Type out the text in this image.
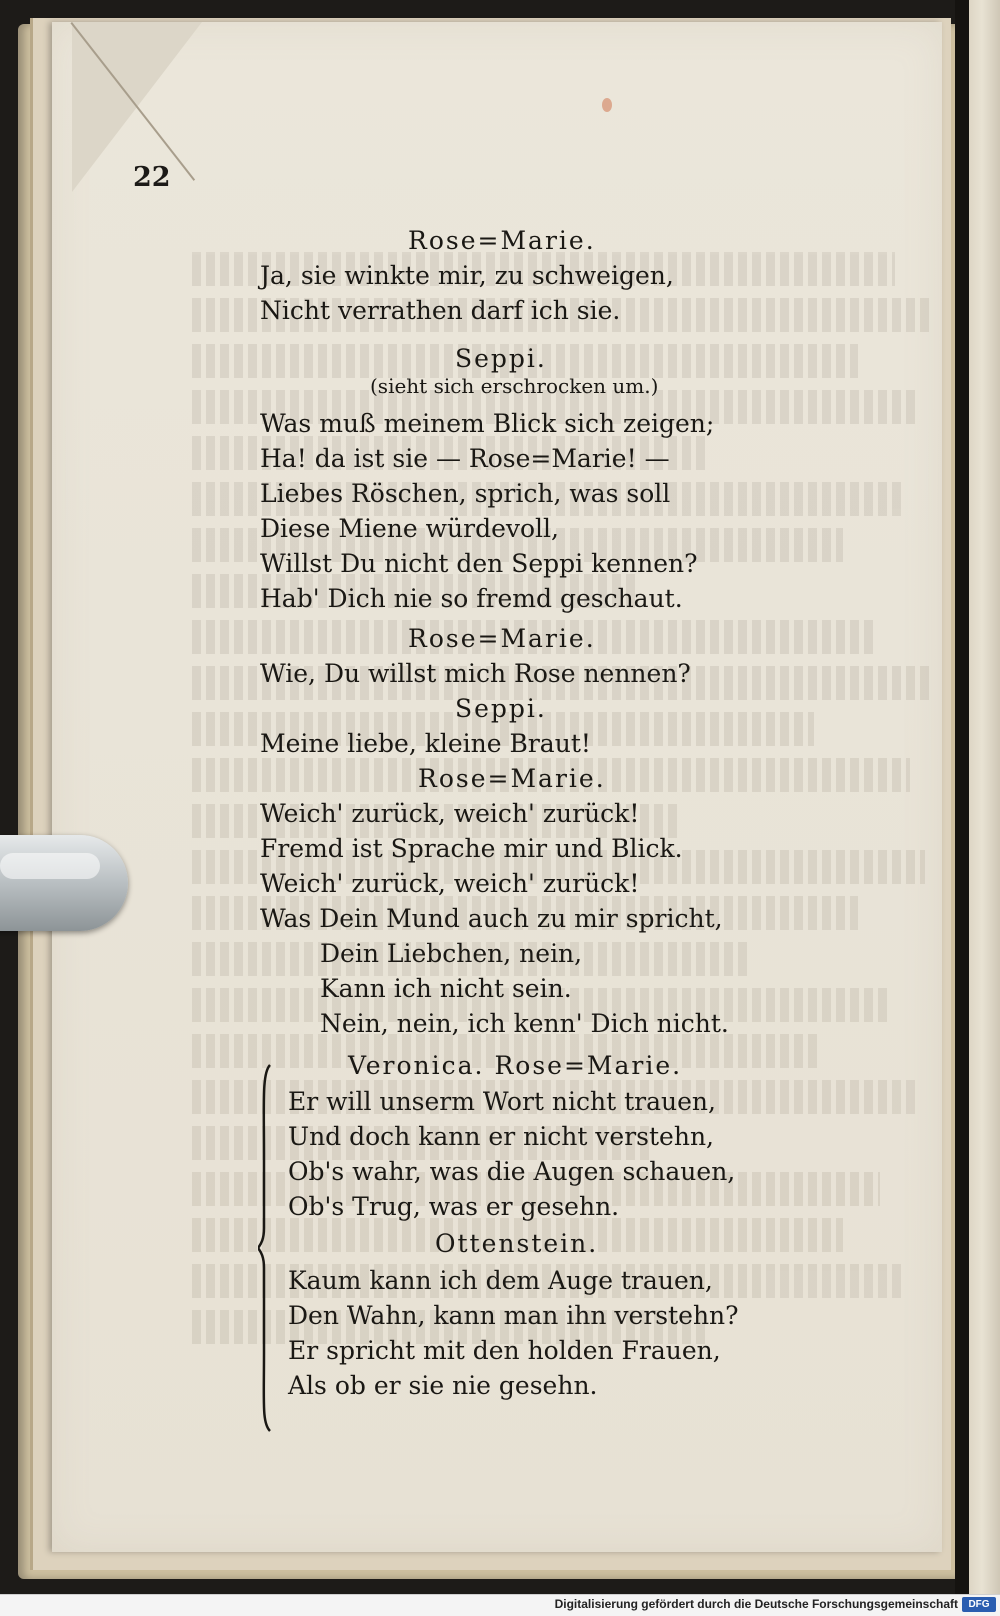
22
Rose=Marie.
Ja, sie winkte mir, zu schweigen,
Nicht verrathen darf ich sie.
Seppi.
(sieht sich erschrocken um.)
Was muß meinem Blick sich zeigen;
Ha! da ist sie — Rose=Marie! —
Liebes Röschen, sprich, was soll
Diese Miene würdevoll,
Willst Du nicht den Seppi kennen?
Hab' Dich nie so fremd geschaut.
Rose=Marie.
Wie, Du willst mich Rose nennen?
Seppi.
Meine liebe, kleine Braut!
Rose=Marie.
Weich' zurück, weich' zurück!
Fremd ist Sprache mir und Blick.
Weich' zurück, weich' zurück!
Was Dein Mund auch zu mir spricht,
Dein Liebchen, nein,
Kann ich nicht sein.
Nein, nein, ich kenn' Dich nicht.
Veronica. Rose=Marie.
Er will unserm Wort nicht trauen,
Und doch kann er nicht verstehn,
Ob's wahr, was die Augen schauen,
Ob's Trug, was er gesehn.
Ottenstein.
Kaum kann ich dem Auge trauen,
Den Wahn, kann man ihn verstehn?
Er spricht mit den holden Frauen,
Als ob er sie nie gesehn.
Digitalisierung gefördert durch die Deutsche Forschungsgemeinschaft	DFG
